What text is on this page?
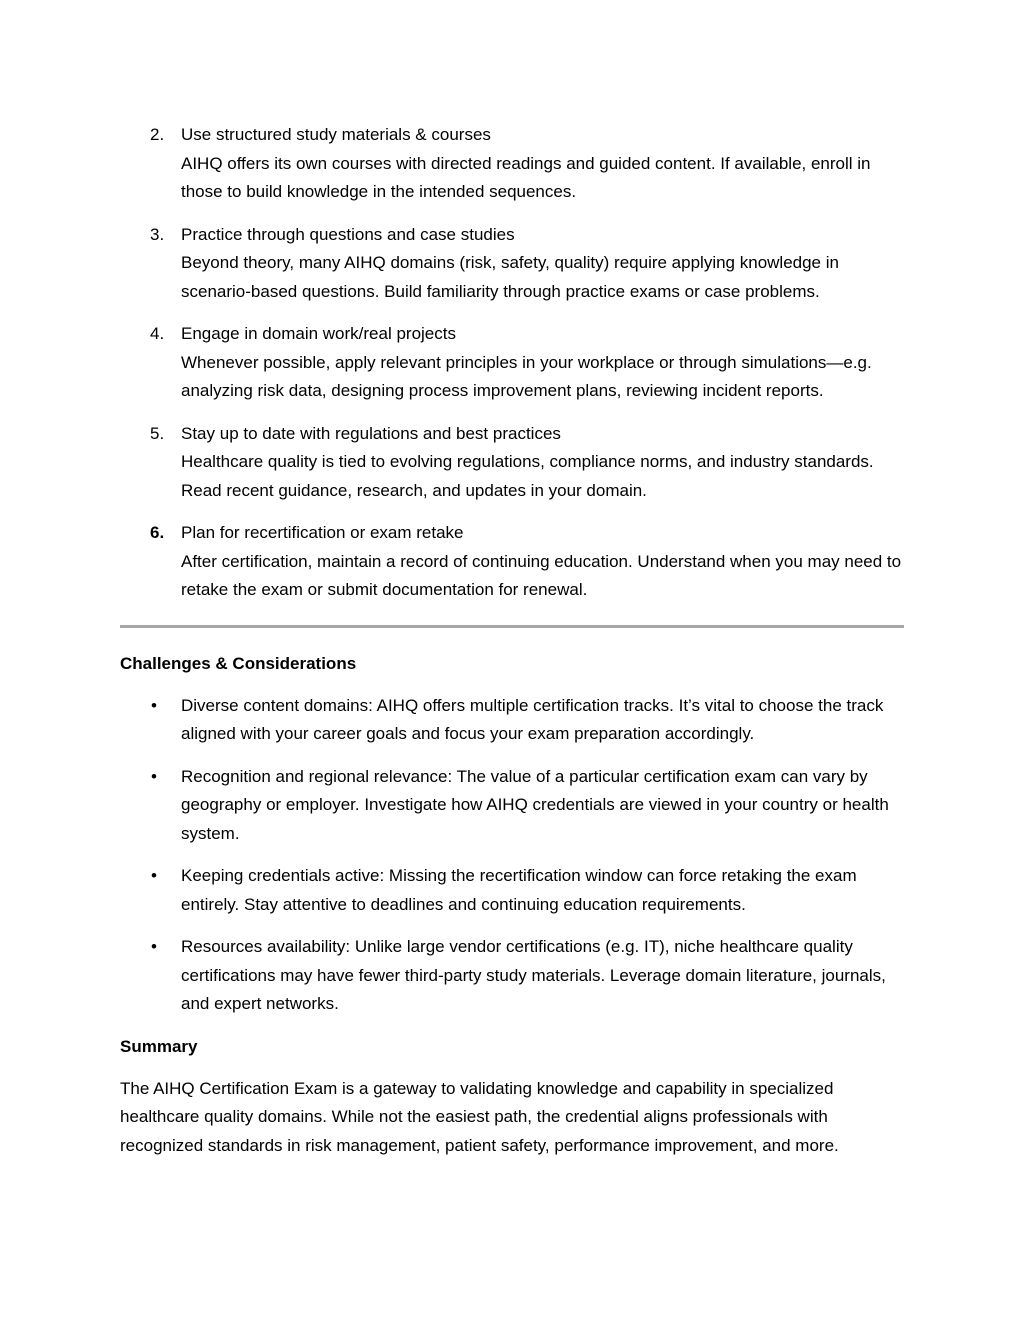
2. Use structured study materials & courses
AIHQ offers its own courses with directed readings and guided content. If available, enroll in those to build knowledge in the intended sequences.
3. Practice through questions and case studies
Beyond theory, many AIHQ domains (risk, safety, quality) require applying knowledge in scenario-based questions. Build familiarity through practice exams or case problems.
4. Engage in domain work/real projects
Whenever possible, apply relevant principles in your workplace or through simulations—e.g. analyzing risk data, designing process improvement plans, reviewing incident reports.
5. Stay up to date with regulations and best practices
Healthcare quality is tied to evolving regulations, compliance norms, and industry standards. Read recent guidance, research, and updates in your domain.
6. Plan for recertification or exam retake
After certification, maintain a record of continuing education. Understand when you may need to retake the exam or submit documentation for renewal.
Challenges & Considerations
• Diverse content domains: AIHQ offers multiple certification tracks. It’s vital to choose the track aligned with your career goals and focus your exam preparation accordingly.
• Recognition and regional relevance: The value of a particular certification exam can vary by geography or employer. Investigate how AIHQ credentials are viewed in your country or health system.
• Keeping credentials active: Missing the recertification window can force retaking the exam entirely. Stay attentive to deadlines and continuing education requirements.
• Resources availability: Unlike large vendor certifications (e.g. IT), niche healthcare quality certifications may have fewer third-party study materials. Leverage domain literature, journals, and expert networks.
Summary
The AIHQ Certification Exam is a gateway to validating knowledge and capability in specialized healthcare quality domains. While not the easiest path, the credential aligns professionals with recognized standards in risk management, patient safety, performance improvement, and more.
